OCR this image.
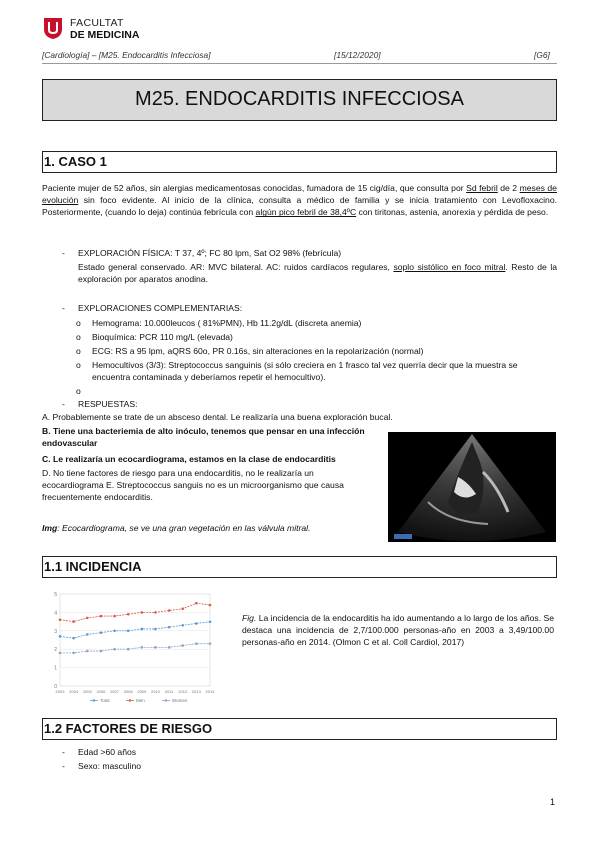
FACULTAT
DE MEDICINA
[Cardiología] – [M25. Endocarditis Infecciosa]	[15/12/2020]	[G6]
M25. ENDOCARDITIS INFECCIOSA
1. CASO 1
Paciente mujer de 52 años, sin alergias medicamentosas conocidas, fumadora de 15 cig/día, que consulta por Sd febril de 2 meses de evolución sin foco evidente. Al inicio de la clínica, consulta a médico de familia y se inicia tratamiento con Levofloxacino. Posteriormente, (cuando lo deja) continúa febrícula con algún pico febril de 38,4ºC con tiritonas, astenia, anorexia y pérdida de peso.
- EXPLORACIÓN FÍSICA: T 37, 4º; FC 80 lpm, Sat O2 98% (febrícula)
Estado general conservado. AR: MVC bilateral. AC: ruidos cardíacos regulares, soplo sistólico en foco mitral. Resto de la exploración por aparatos anodina.
- EXPLORACIONES COMPLEMENTARIAS:
o Hemograma: 10.000leucos ( 81%PMN), Hb 11.2g/dL (discreta anemia)
o Bioquímica: PCR 110 mg/L (elevada)
o ECG: RS a 95 lpm, aQRS 60o, PR 0.16s, sin alteraciones en la repolarización (normal)
o Hemocultivos (3/3): Streptococcus sanguinis (si sólo creciera en 1 frasco tal vez querría decir que la muestra se encuentra contaminada y deberíamos repetir el hemocultivo).
o
- RESPUESTAS:
A. Probablemente se trate de un absceso dental. Le realizaría una buena exploración bucal.
B. Tiene una bacteriemia de alto inóculo, tenemos que pensar en una infección endovascular
C. Le realizaría un ecocardiograma, estamos en la clase de endocarditis
D. No tiene factores de riesgo para una endocarditis, no le realizaría un ecocardiograma E. Streptococcus sanguis no es un microorganismo que causa frecuentemente endocarditis.
Img: Ecocardiograma, se ve una gran vegetación en las válvula mitral.
1.1 INCIDENCIA
0
1
2
3
4
5
2003 2004 2005 2006 2007 2008 2009 2010 2011 2012 2013 2014
Total	Men	Women
Fig. La incidencia de la endocarditis ha ido aumentando a lo largo de los años. Se destaca una incidencia de 2,7/100.000 personas-año en 2003 a 3,49/100.00 personas-año en 2014. (Olmon C et al. Coll Cardiol, 2017)
1.2 FACTORES DE RIESGO
- Edad >60 años
- Sexo: masculino
1
